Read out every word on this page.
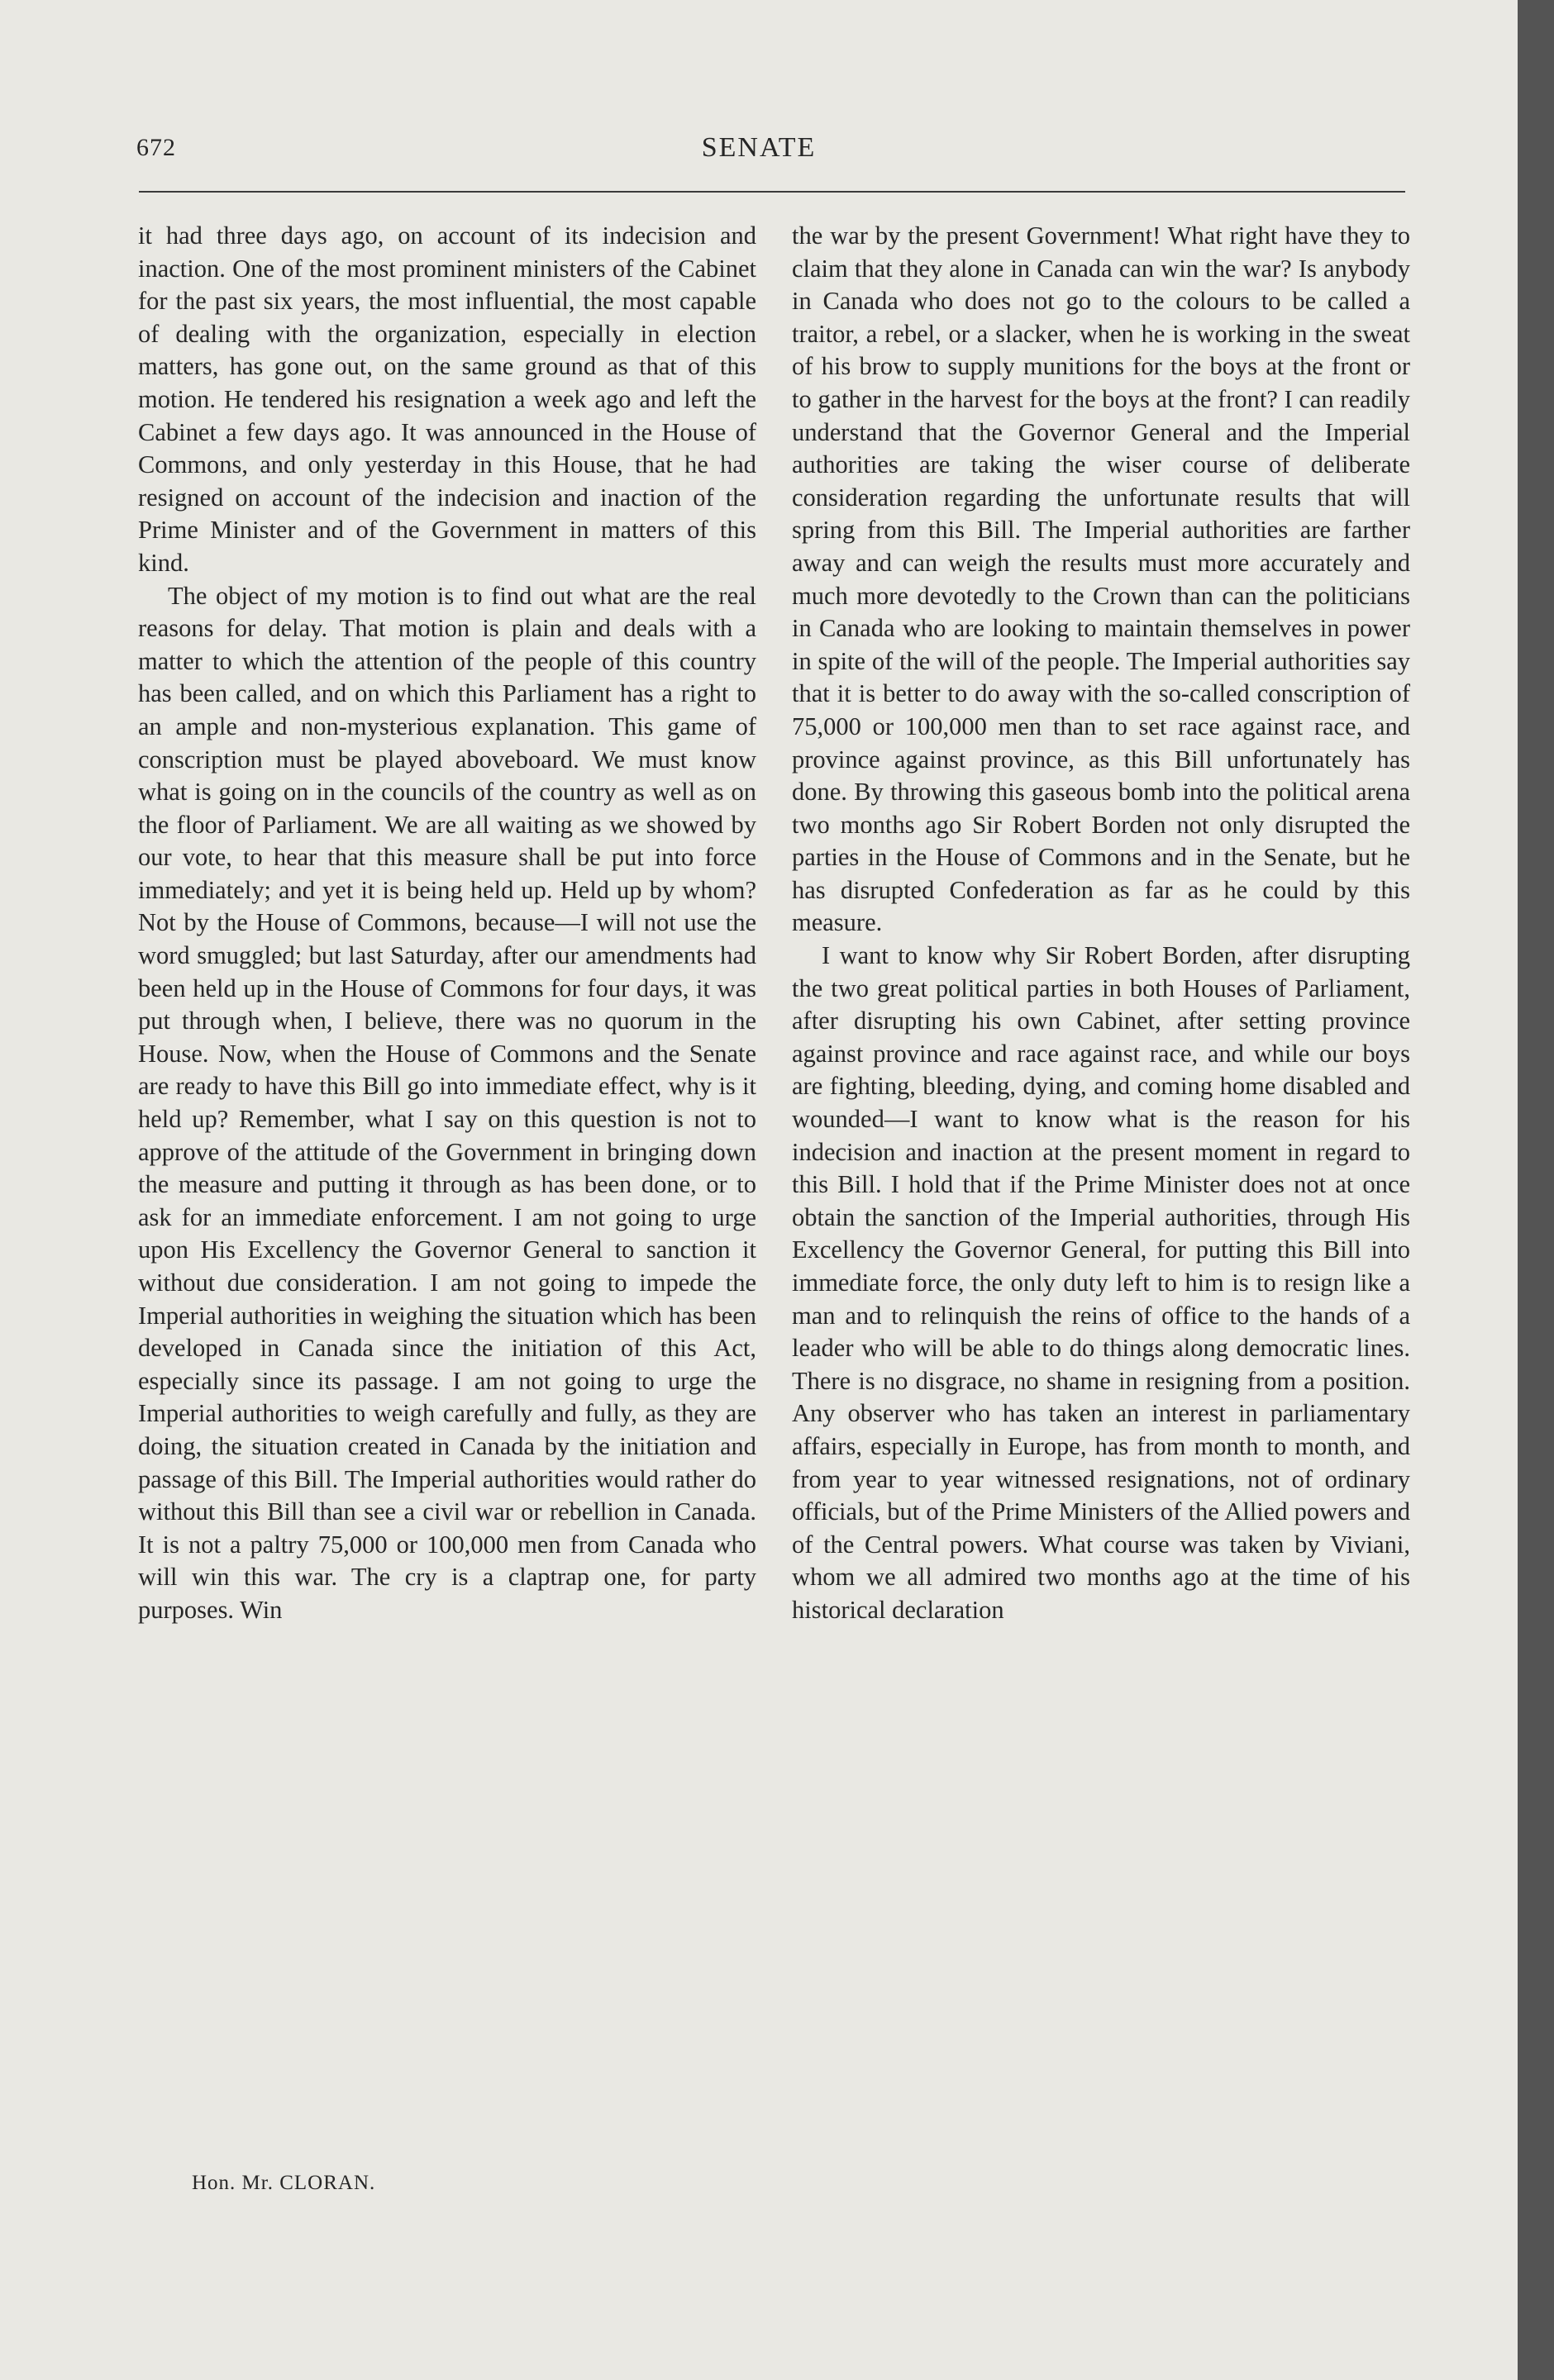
672	SENATE

it had three days ago, on account of its indecision and inaction. One of the most prominent ministers of the Cabinet for the past six years, the most influential, the most capable of dealing with the organization, especially in election matters, has gone out, on the same ground as that of this motion. He tendered his resignation a week ago and left the Cabinet a few days ago. It was announced in the House of Commons, and only yesterday in this House, that he had resigned on account of the indecision and inaction of the Prime Minister and of the Government in matters of this kind.

The object of my motion is to find out what are the real reasons for delay. That motion is plain and deals with a matter to which the attention of the people of this country has been called, and on which this Parliament has a right to an ample and non-mysterious explanation. This game of conscription must be played aboveboard. We must know what is going on in the councils of the country as well as on the floor of Parliament. We are all waiting as we showed by our vote, to hear that this measure shall be put into force immediately; and yet it is being held up. Held up by whom? Not by the House of Commons, because—I will not use the word smuggled; but last Saturday, after our amendments had been held up in the House of Commons for four days, it was put through when, I believe, there was no quorum in the House. Now, when the House of Commons and the Senate are ready to have this Bill go into immediate effect, why is it held up? Remember, what I say on this question is not to approve of the attitude of the Government in bringing down the measure and putting it through as has been done, or to ask for an immediate enforcement. I am not going to urge upon His Excellency the Governor General to sanction it without due consideration. I am not going to impede the Imperial authorities in weighing the situation which has been developed in Canada since the initiation of this Act, especially since its passage. I am not going to urge the Imperial authorities to weigh carefully and fully, as they are doing, the situation created in Canada by the initiation and passage of this Bill. The Imperial authorities would rather do without this Bill than see a civil war or rebellion in Canada. It is not a paltry 75,000 or 100,000 men from Canada who will win this war. The cry is a claptrap one, for party purposes. Win

the war by the present Government! What right have they to claim that they alone in Canada can win the war? Is anybody in Canada who does not go to the colours to be called a traitor, a rebel, or a slacker, when he is working in the sweat of his brow to supply munitions for the boys at the front or to gather in the harvest for the boys at the front? I can readily understand that the Governor General and the Imperial authorities are taking the wiser course of deliberate consideration regarding the unfortunate results that will spring from this Bill. The Imperial authorities are farther away and can weigh the results must more accurately and much more devotedly to the Crown than can the politicians in Canada who are looking to maintain themselves in power in spite of the will of the people. The Imperial authorities say that it is better to do away with the so-called conscription of 75,000 or 100,000 men than to set race against race, and province against province, as this Bill unfortunately has done. By throwing this gaseous bomb into the political arena two months ago Sir Robert Borden not only disrupted the parties in the House of Commons and in the Senate, but he has disrupted Confederation as far as he could by this measure.

I want to know why Sir Robert Borden, after disrupting the two great political parties in both Houses of Parliament, after disrupting his own Cabinet, after setting province against province and race against race, and while our boys are fighting, bleeding, dying, and coming home disabled and wounded—I want to know what is the reason for his indecision and inaction at the present moment in regard to this Bill. I hold that if the Prime Minister does not at once obtain the sanction of the Imperial authorities, through His Excellency the Governor General, for putting this Bill into immediate force, the only duty left to him is to resign like a man and to relinquish the reins of office to the hands of a leader who will be able to do things along democratic lines. There is no disgrace, no shame in resigning from a position. Any observer who has taken an interest in parliamentary affairs, especially in Europe, has from month to month, and from year to year witnessed resignations, not of ordinary officials, but of the Prime Ministers of the Allied powers and of the Central powers. What course was taken by Viviani, whom we all admired two months ago at the time of his historical declaration

Hon. Mr. CLORAN.
